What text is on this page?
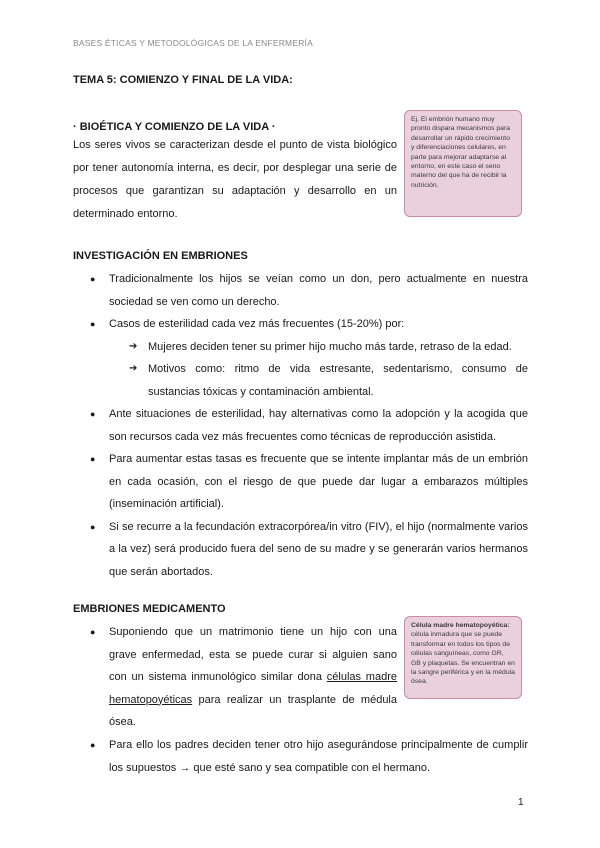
BASES ÉTICAS Y METODOLÓGICAS DE LA ENFERMERÍA
TEMA 5: COMIENZO Y FINAL DE LA VIDA:
· BIOÉTICA Y COMIENZO DE LA VIDA ·

Los seres vivos se caracterizan desde el punto de vista biológico por tener autonomía interna, es decir, por desplegar una serie de procesos que garantizan su adaptación y desarrollo en un determinado entorno.

Ej. El embrión humano muy pronto dispara mecanismos para desarrollar un rápido crecimiento y diferenciaciones celulares, en parte para mejorar adaptarse al entorno, en este caso el seno materno del que ha de recibir la nutrición.
INVESTIGACIÓN EN EMBRIONES
● Tradicionalmente los hijos se veían como un don, pero actualmente en nuestra sociedad se ven como un derecho.
● Casos de esterilidad cada vez más frecuentes (15-20%) por:
➔ Mujeres deciden tener su primer hijo mucho más tarde, retraso de la edad.
➔ Motivos como: ritmo de vida estresante, sedentarismo, consumo de sustancias tóxicas y contaminación ambiental.
● Ante situaciones de esterilidad, hay alternativas como la adopción y la acogida que son recursos cada vez más frecuentes como técnicas de reproducción asistida.
● Para aumentar estas tasas es frecuente que se intente implantar más de un embrión en cada ocasión, con el riesgo de que puede dar lugar a embarazos múltiples (inseminación artificial).
● Si se recurre a la fecundación extracorpórea/in vitro (FIV), el hijo (normalmente varios a la vez) será producido fuera del seno de su madre y se generarán varios hermanos que serán abortados.
EMBRIONES MEDICAMENTO
● Suponiendo que un matrimonio tiene un hijo con una grave enfermedad, esta se puede curar si alguien sano con un sistema inmunológico similar dona células madre hematopoyéticas para realizar un trasplante de médula ósea.
Célula madre hematopoyética: célula inmadura que se puede transformar en todos los tipos de células sanguíneas, como GR, GB y plaquetas. Se encuentran en la sangre periférica y en la médula ósea.
● Para ello los padres deciden tener otro hijo asegurándose principalmente de cumplir los supuestos → que esté sano y sea compatible con el hermano.
1
